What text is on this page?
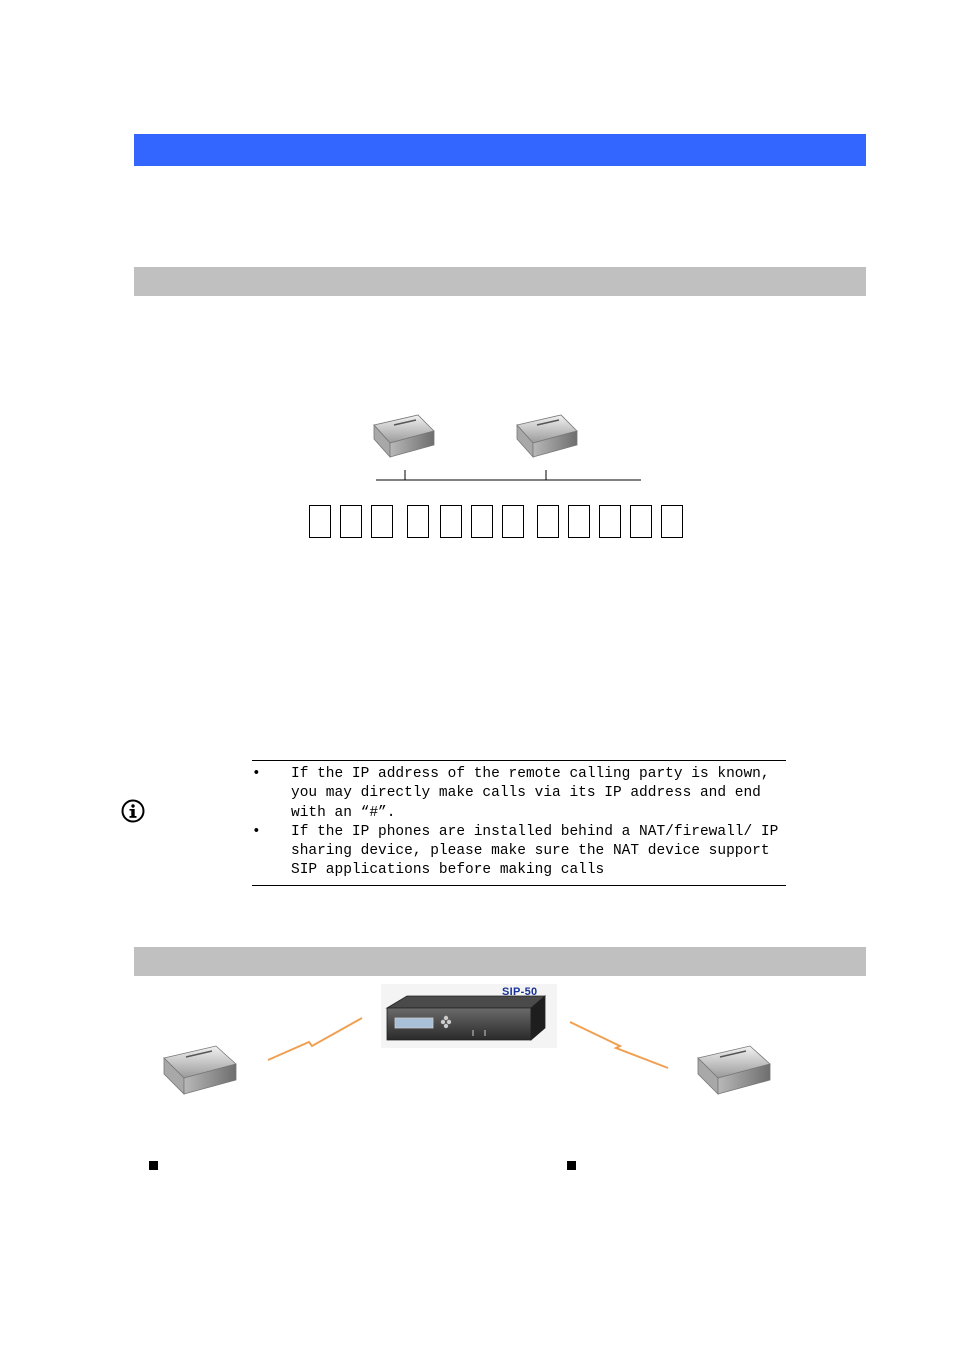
• If the IP address of the remote calling party is known, you may directly make calls via its IP address and end with an “#”.
• If the IP phones are installed behind a NAT/firewall/ IP sharing device, please make sure the NAT device support SIP applications before making calls
SIP-50
